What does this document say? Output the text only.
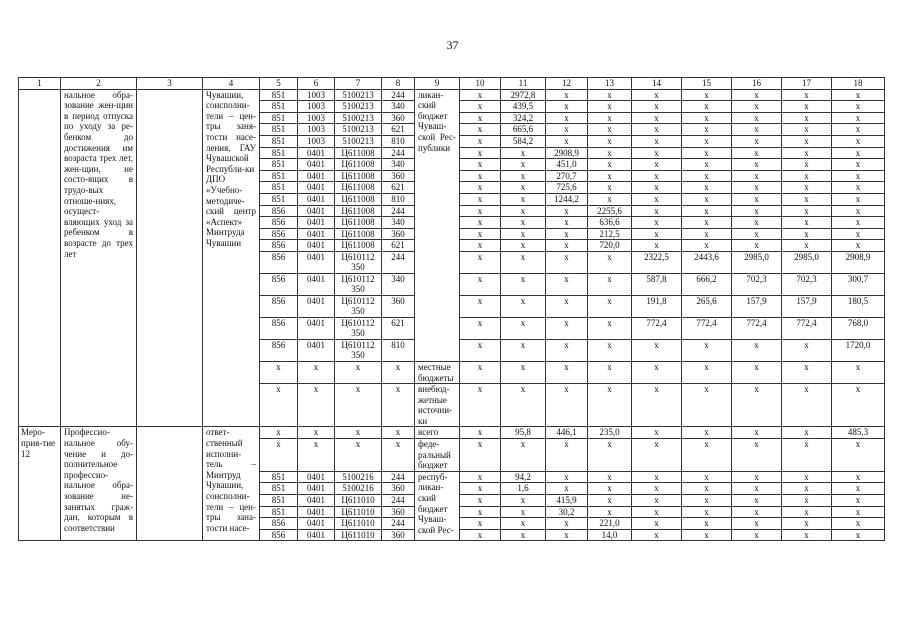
37
1	2	3	4	5	6	7	8	9	10	11	12	13	14	15	16	17	18
	нальное обра-зование жен-щин в период отпуска по уходу за ре-бенком до достижения им возраста трех лет, жен-щин, не состо-ящих в трудо-вых отноше-ниях, осущест-вляющих уход за ребенком в возрасте до трех лет		Чувашии, соисполни-тели – цен-тры заня-тости насе-ления, ГАУ Чувашской Республи-ки ДПО «Учебно-методиче-ский центр «Аспект» Минтруда Чувашии	851	1003	5100213	244	ликан-ский бюджет Чуваш-ской Рес-публики	x	2972,8	x	x	x	x	x	x	x
				851	1003	5100213	340		x	439,5	x	x	x	x	x	x	x
				851	1003	5100213	360		x	324,2	x	x	x	x	x	x	x
				851	1003	5100213	621		x	665,6	x	x	x	x	x	x	x
				851	1003	5100213	810		x	584,2	x	x	x	x	x	x	x
				851	0401	Ц611008	244		x	x	2908,9	x	x	x	x	x	x
				851	0401	Ц611008	340		x	x	451,0	x	x	x	x	x	x
				851	0401	Ц611008	360		x	x	270,7	x	x	x	x	x	x
				851	0401	Ц611008	621		x	x	725,6	x	x	x	x	x	x
				851	0401	Ц611008	810		x	x	1244,2	x	x	x	x	x	x
				856	0401	Ц611008	244		x	x	x	2255,6	x	x	x	x	x
				856	0401	Ц611008	340		x	x	x	636,6	x	x	x	x	x
				856	0401	Ц611008	360		x	x	x	212,5	x	x	x	x	x
				856	0401	Ц611008	621		x	x	x	720,0	x	x	x	x	x
				856	0401	Ц610112 350	244		x	x	x	x	2322,5	2443,6	2985,0	2985,0	2908,9
				856	0401	Ц610112 350	340		x	x	x	x	587,8	666,2	702,3	702,3	300,7
				856	0401	Ц610112 350	360		x	x	x	x	191,8	265,6	157,9	157,9	180,5
				856	0401	Ц610112 350	621		x	x	x	x	772,4	772,4	772,4	772,4	768,0
				856	0401	Ц610112 350	810		x	x	x	x	x	x	x	x	1720,0
				x	x	x	x	местные бюджеты	x	x	x	x	x	x	x	x	x
				x	x	x	x	внебюд-жетные источни-ки	x	x	x	x	x	x	x	x	x
Меро-прия-тие 12	Профессио-нальное обу-чение и до-полнительное профессио-нальное обра-зование не-занятых граж-дан, которым в соответствии		ответ-ственный исполни-тель – Минтруд Чувашии, соисполни-тели – цен-тры зана-тости насе-	x	x	x	x	всего	x	95,8	446,1	235,0	x	x	x	x	485,3
				x	x	x	x	феде-ральный бюджет	x	x	x	x	x	x	x	x	x
				851	0401	5100216	244	респуб-ликан-ский бюджет Чуваш-ской Рес-	x	94,2	x	x	x	x	x	x	x
				851	0401	5100216	360		x	1,6	x	x	x	x	x	x	x
				851	0401	Ц611010	244		x	x	415,9	x	x	x	x	x	x
				851	0401	Ц611010	360		x	x	30,2	x	x	x	x	x	x
				856	0401	Ц611010	244		x	x	x	221,0	x	x	x	x	x
				856	0401	Ц611010	360		x	x	x	14,0	x	x	x	x	x
